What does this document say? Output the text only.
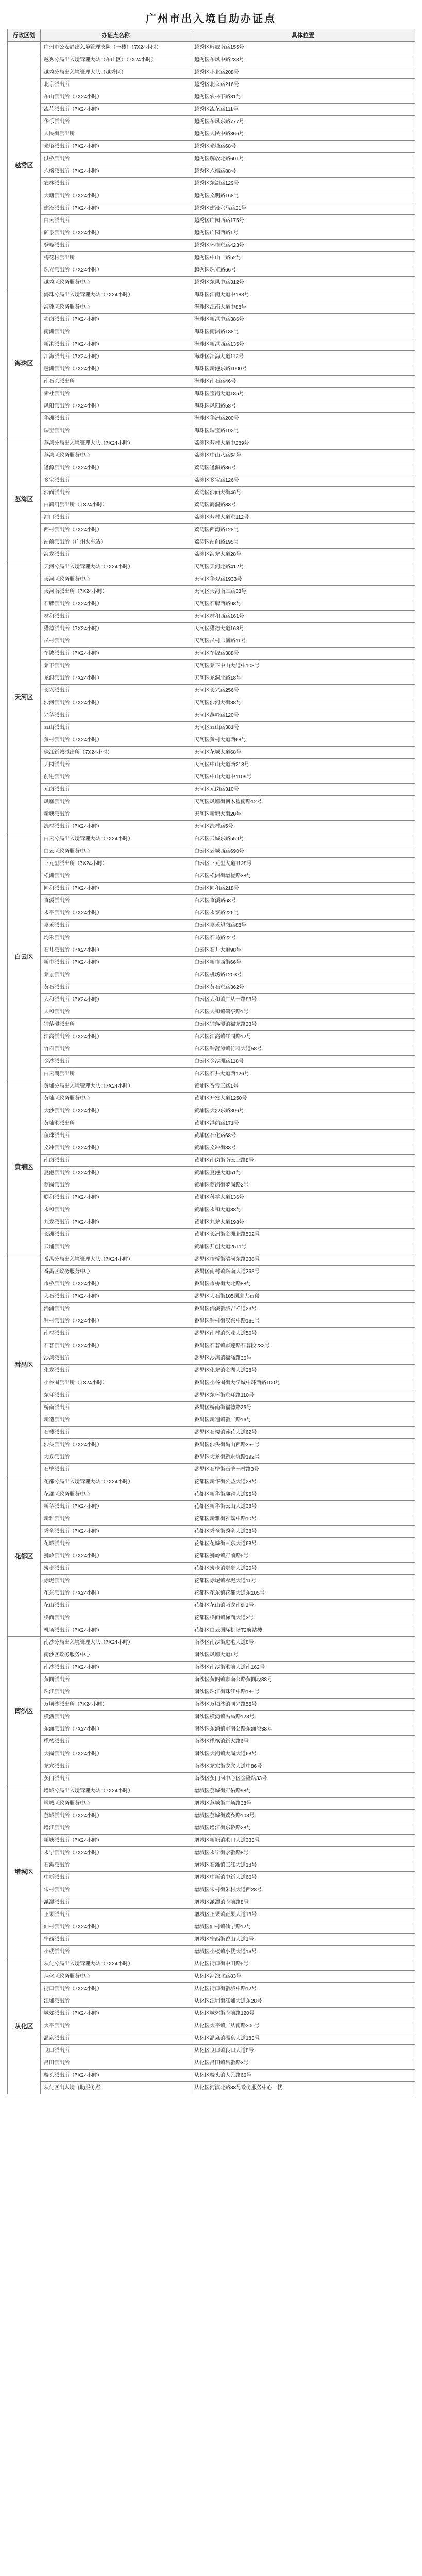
广州市出入境自助办证点
行政区划	办证点名称	具体位置
越秀区	广州市公安局出入境管理支队（一楼）（7X24小时）	越秀区解放南路155号
	越秀分局出入境管理大队（东山区）（7X24小时）	越秀区东风中路233号
	越秀分局出入境管理大队（越秀区）	越秀区小北路208号
	北京派出所	越秀区北京路216号
	东山派出所（7X24小时）	越秀区农林下路31号
	流花派出所（7X24小时）	越秀区流花路111号
	华乐派出所	越秀区东风东路777号
	人民街派出所	越秀区人民中路366号
	光塔派出所（7X24小时）	越秀区光塔路68号
	洪桥派出所	越秀区解放北路601号
	六榕派出所（7X24小时）	越秀区六榕路88号
	农林派出所	越秀区东湖路129号
	大塘派出所（7X24小时）	越秀区文明路168号
	建设派出所（7X24小时）	越秀区建设六马路21号
	白云派出所	越秀区广园西路175号
	矿泉派出所（7X24小时）	越秀区广园西路1号
	登峰派出所	越秀区环市东路423号
	梅花村派出所	越秀区中山一路52号
	珠光派出所（7X24小时）	越秀区珠光路66号
	越秀区政务服务中心	越秀区东风中路312号
海珠区	海珠分局出入境管理大队（7X24小时）	海珠区江南大道中183号
	海珠区政务服务中心	海珠区江南大道中88号
	赤岗派出所（7X24小时）	海珠区新港中路386号
	南洲派出所	海珠区南洲路138号
	新港派出所（7X24小时）	海珠区新港西路135号
	江海派出所（7X24小时）	海珠区江海大道112号
	琶洲派出所（7X24小时）	海珠区新港东路1000号
	南石头派出所	海珠区南石路46号
	素社派出所	海珠区宝岗大道185号
	凤阳派出所（7X24小时）	海珠区凤阳路58号
	华洲派出所	海珠区华洲路200号
	瑞宝派出所	海珠区瑞宝路102号
荔湾区	荔湾分局出入境管理大队（7X24小时）	荔湾区芳村大道中289号
	荔湾区政务服务中心	荔湾区中山八路54号
	逢源派出所（7X24小时）	荔湾区逢源路86号
	多宝派出所	荔湾区多宝路126号
	沙面派出所	荔湾区沙面大街46号
	白鹤洞派出所（7X24小时）	荔湾区鹤洞路33号
	冲口派出所	荔湾区芳村大道东112号
	西村派出所（7X24小时）	荔湾区西湾路128号
	站前派出所（广州火车站）	荔湾区站前路195号
	海龙派出所	荔湾区海龙大道28号
天河区	天河分局出入境管理大队（7X24小时）	天河区天河北路412号
	天河区政务服务中心	天河区华观路1933号
	天河南派出所（7X24小时）	天河区天河南二路33号
	石牌派出所（7X24小时）	天河区石牌西路98号
	林和派出所	天河区林和西路161号
	猎德派出所（7X24小时）	天河区猎德大道168号
	员村派出所	天河区员村二横路11号
	车陂派出所（7X24小时）	天河区车陂路388号
	棠下派出所	天河区棠下中山大道中108号
	龙洞派出所（7X24小时）	天河区龙洞北路18号
	长兴派出所	天河区长兴路256号
	沙河派出所（7X24小时）	天河区沙河大街88号
	兴华派出所	天河区燕岭路120号
	五山派出所	天河区五山路381号
	黄村派出所（7X24小时）	天河区黄村大道西68号
	珠江新城派出所（7X24小时）	天河区花城大道68号
	天园派出所	天河区中山大道西218号
	前进派出所	天河区中山大道中1109号
	元岗派出所	天河区元岗路310号
	凤凰派出所	天河区凤凰街柯木塱南路12号
	新塘派出所	天河区新塘大街20号
	冼村派出所（7X24小时）	天河区冼村路5号
白云区	白云分局出入境管理大队（7X24小时）	白云区云城东路559号
	白云区政务服务中心	白云区云城西路690号
	三元里派出所（7X24小时）	白云区三元里大道1128号
	松洲派出所	白云区松洲街增槎路38号
	同和派出所（7X24小时）	白云区同和路218号
	京溪派出所	白云区京溪路68号
	永平派出所（7X24小时）	白云区永泰路226号
	嘉禾派出所	白云区嘉禾望岗路88号
	均禾派出所	白云区石马路22号
	石井派出所（7X24小时）	白云区石井大道98号
	新市派出所（7X24小时）	白云区新市西街66号
	棠景派出所	白云区机场路1203号
	黄石派出所	白云区黄石东路362号
	太和派出所（7X24小时）	白云区太和镇广从一路88号
	人和派出所	白云区人和镇鹤亭路1号
	钟落潭派出所	白云区钟落潭镇福龙路33号
	江高派出所（7X24小时）	白云区江高镇江同路12号
	竹料派出所	白云区钟落潭镇竹料大道58号
	金沙派出所	白云区金沙洲路118号
	白云湖派出所	白云区石井大道西126号
黄埔区	黄埔分局出入境管理大队（7X24小时）	黄埔区香雪三路1号
	黄埔区政务服务中心	黄埔区开发大道1250号
	大沙派出所（7X24小时）	黄埔区大沙东路306号
	黄埔港派出所	黄埔区港前路171号
	鱼珠派出所	黄埔区石化路68号
	文冲派出所（7X24小时）	黄埔区文冲街83号
	南岗派出所	黄埔区南岗街南云三路8号
	夏港派出所（7X24小时）	黄埔区夏港大道51号
	萝岗派出所	黄埔区萝岗街萝岗路2号
	联和派出所（7X24小时）	黄埔区科学大道136号
	永和派出所	黄埔区永和大道33号
	九龙派出所（7X24小时）	黄埔区九龙大道198号
	长洲派出所	黄埔区长洲街金洲北路502号
	云埔派出所	黄埔区开创大道2511号
番禺区	番禺分局出入境管理大队（7X24小时）	番禺区市桥街清河东路338号
	番禺区政务服务中心	番禺区南村镇兴南大道368号
	市桥派出所（7X24小时）	番禺区市桥街大北路88号
	大石派出所（7X24小时）	番禺区大石街105国道大石段
	洛浦派出所	番禺区洛溪新城吉祥道23号
	钟村派出所（7X24小时）	番禺区钟村街汉兴中路166号
	南村派出所	番禺区南村镇兴业大道56号
	石碁派出所（7X24小时）	番禺区石碁镇市莲路石碁段232号
	沙湾派出所	番禺区沙湾镇福涌路36号
	化龙派出所	番禺区化龙镇金湖大道28号
	小谷围派出所（7X24小时）	番禺区小谷围街大学城中环西路100号
	东环派出所	番禺区东环街东环路110号
	桥南派出所	番禺区桥南街福德路25号
	新造派出所	番禺区新造镇新广路16号
	石楼派出所	番禺区石楼镇莲花大道62号
	沙头派出所（7X24小时）	番禺区沙头街禺山西路356号
	大龙派出所	番禺区大龙街新水坑路192号
	石壁派出所	番禺区石壁街石壁一村路3号
花都区	花都分局出入境管理大队（7X24小时）	花都区新华街公益大道28号
	花都区政务服务中心	花都区新华街迎宾大道95号
	新华派出所（7X24小时）	花都区新华街云山大道38号
	新雅派出所	花都区新雅街雅瑶中路10号
	秀全派出所（7X24小时）	花都区秀全街秀全大道38号
	花城派出所	花都区花城街三东大道68号
	狮岭派出所（7X24小时）	花都区狮岭镇府前路5号
	炭步派出所	花都区炭步镇炭步大道20号
	赤坭派出所	花都区赤坭镇赤坭大道11号
	花东派出所（7X24小时）	花都区花东镇花都大道东105号
	花山派出所	花都区花山镇两龙南街1号
	梯面派出所	花都区梯面镇梯面大道3号
	机场派出所（7X24小时）	花都区白云国际机场T2航站楼
南沙区	南沙分局出入境管理大队（7X24小时）	南沙区南沙街进港大道8号
	南沙区政务服务中心	南沙区凤凰大道1号
	南沙派出所（7X24小时）	南沙区南沙街港前大道南162号
	黄阁派出所	南沙区黄阁镇市南公路黄阁段38号
	珠江派出所	南沙区珠江街珠江中路186号
	万顷沙派出所（7X24小时）	南沙区万顷沙镇同兴路55号
	横沥派出所	南沙区横沥镇冯马路128号
	东涌派出所（7X24小时）	南沙区东涌镇市南公路东涌段38号
	榄核派出所	南沙区榄核镇新太路6号
	大岗派出所（7X24小时）	南沙区大岗镇大岗大道68号
	龙穴派出所	南沙区龙穴街龙穴大道中86号
	蕉门派出所	南沙区蕉门河中心区金隆路33号
增城区	增城分局出入境管理大队（7X24小时）	增城区荔城街府佑路98号
	增城区政务服务中心	增城区荔城街广场路38号
	荔城派出所（7X24小时）	增城区荔城街荔乡路108号
	增江派出所	增城区增江街东桥路28号
	新塘派出所（7X24小时）	增城区新塘镇港口大道333号
	永宁派出所（7X24小时）	增城区永宁街永新路8号
	石滩派出所	增城区石滩镇三江大道18号
	中新派出所	增城区中新镇中新大道66号
	朱村派出所	增城区朱村街朱村大道西28号
	派潭派出所	增城区派潭镇府前路8号
	正果派出所	增城区正果镇正果大道18号
	仙村派出所（7X24小时）	增城区仙村镇仙宁路12号
	宁西派出所	增城区宁西街香山大道1号
	小楼派出所	增城区小楼镇小楼大道16号
从化区	从化分局出入境管理大队（7X24小时）	从化区街口街中田路5号
	从化区政务服务中心	从化区河滨北路83号
	街口派出所（7X24小时）	从化区街口街新城中路12号
	江埔派出所	从化区江埔街江埔大道东28号
	城郊派出所（7X24小时）	从化区城郊街府前路120号
	太平派出所	从化区太平镇广从南路300号
	温泉派出所	从化区温泉镇温泉大道183号
	良口派出所	从化区良口镇良口大道8号
	吕田派出所	从化区吕田镇吕新路3号
	鳌头派出所（7X24小时）	从化区鳌头镇人民路66号
	从化区出入境自助服务点	从化区河滨北路83号政务服务中心一楼
